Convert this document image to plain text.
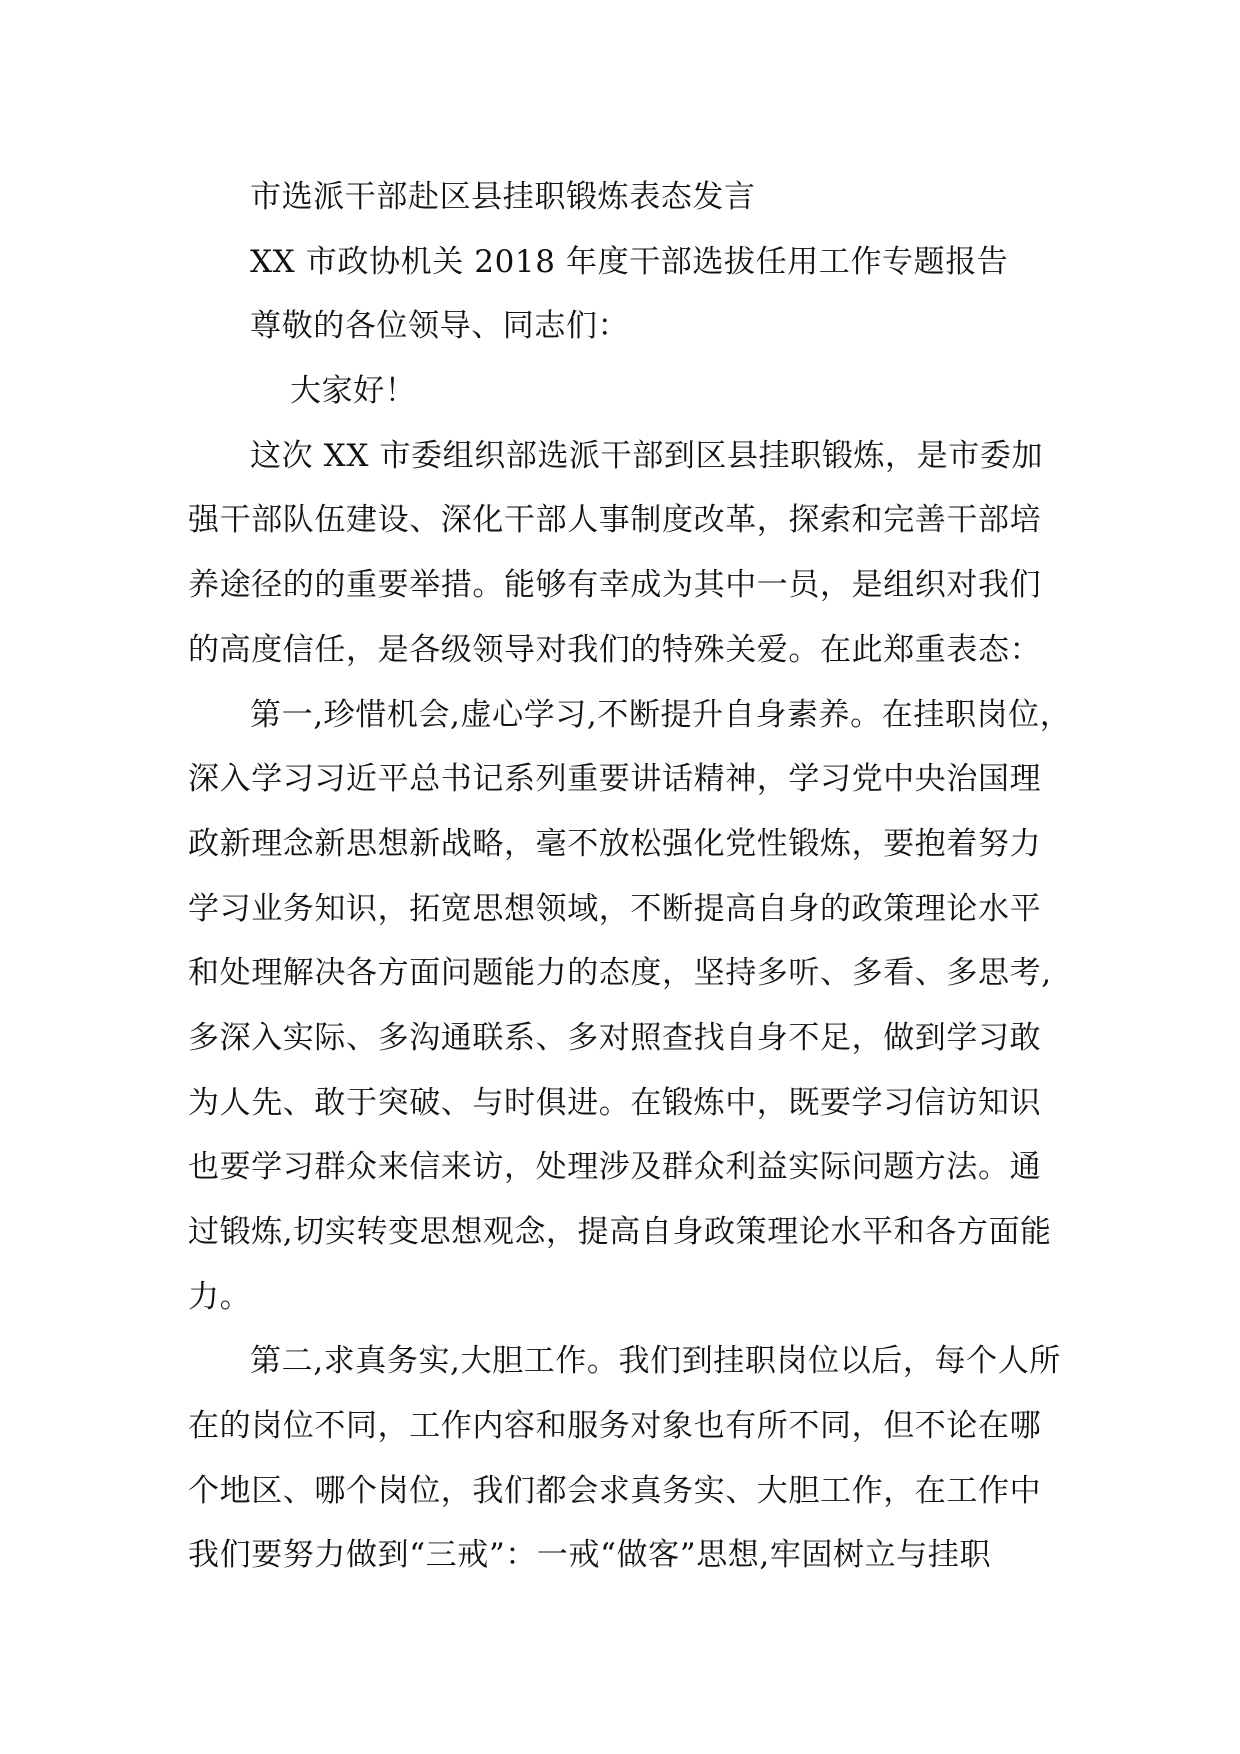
市选派干部赴区县挂职锻炼表态发言
XX 市政协机关 2018 年度干部选拔任用工作专题报告
尊敬的各位领导、同志们：
大家好！
这次 XX 市委组织部选派干部到区县挂职锻炼，是市委加
强干部队伍建设、深化干部人事制度改革，探索和完善干部培
养途径的的重要举措。能够有幸成为其中一员，是组织对我们
的高度信任，是各级领导对我们的特殊关爱。在此郑重表态：
第一,珍惜机会,虚心学习,不断提升自身素养。在挂职岗位，
深入学习习近平总书记系列重要讲话精神，学习党中央治国理
政新理念新思想新战略，毫不放松强化党性锻炼，要抱着努力
学习业务知识，拓宽思想领域，不断提高自身的政策理论水平
和处理解决各方面问题能力的态度，坚持多听、多看、多思考,
多深入实际、多沟通联系、多对照查找自身不足，做到学习敢
为人先、敢于突破、与时俱进。在锻炼中，既要学习信访知识
也要学习群众来信来访，处理涉及群众利益实际问题方法。通
过锻炼,切实转变思想观念，提高自身政策理论水平和各方面能
力。
第二,求真务实,大胆工作。我们到挂职岗位以后，每个人所
在的岗位不同，工作内容和服务对象也有所不同，但不论在哪
个地区、哪个岗位，我们都会求真务实、大胆工作，在工作中
我们要努力做到“三戒”：一戒“做客”思想,牢固树立与挂职
